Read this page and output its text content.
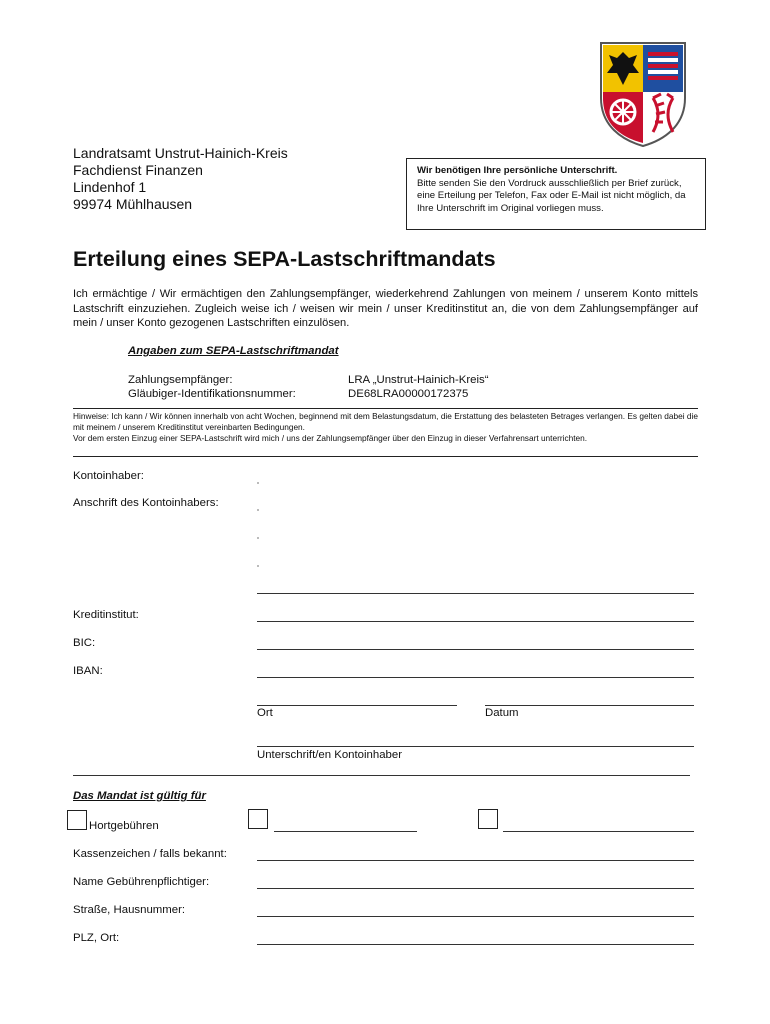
Landratsamt Unstrut-Hainich-Kreis
Fachdienst Finanzen
Lindenhof 1
99974 Mühlhausen
Wir benötigen Ihre persönliche Unterschrift.
Bitte senden Sie den Vordruck ausschließlich per Brief zurück, eine Erteilung per Telefon, Fax oder E-Mail ist nicht möglich, da Ihre Unterschrift im Original vorliegen muss.
Erteilung eines SEPA-Lastschriftmandats
Ich ermächtige / Wir ermächtigen den Zahlungsempfänger, wiederkehrend Zahlungen von meinem / unserem Konto mittels Lastschrift einzuziehen. Zugleich weise ich / weisen wir mein / unser Kreditinstitut an, die von dem Zahlungsempfänger auf mein / unser Konto gezogenen Lastschriften einzulösen.
Angaben zum SEPA-Lastschriftmandat
Zahlungsempfänger:	LRA „Unstrut-Hainich-Kreis“
Gläubiger-Identifikationsnummer:	DE68LRA00000172375
Hinweise: Ich kann / Wir können innerhalb von acht Wochen, beginnend mit dem Belastungsdatum, die Erstattung des belasteten Betrages verlangen. Es gelten dabei die mit meinem / unserem Kreditinstitut vereinbarten Bedingungen.
Vor dem ersten Einzug einer SEPA-Lastschrift wird mich / uns der Zahlungsempfänger über den Einzug in dieser Verfahrensart unterrichten.
Kontoinhaber:
Anschrift des Kontoinhabers:
Kreditinstitut:
BIC:
IBAN:
Ort	Datum
Unterschrift/en Kontoinhaber
Das Mandat ist gültig für
Hortgebühren
Kassenzeichen / falls bekannt:
Name Gebührenpflichtiger:
Straße, Hausnummer:
PLZ, Ort:
